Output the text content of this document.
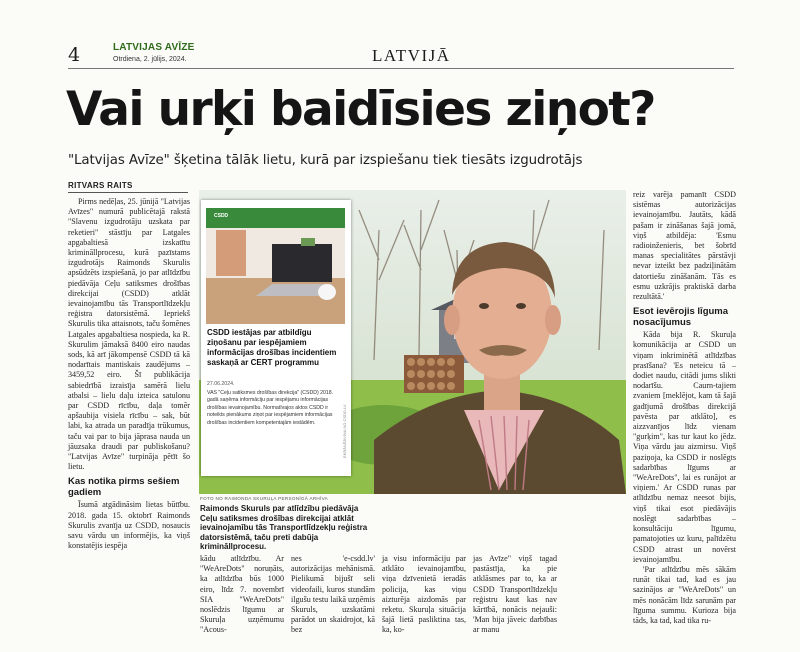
4	LATVIJAS AVĪZE
Otrdiena, 2. jūlijs, 2024.	LATVIJĀ
Vai urķi baidīsies ziņot?
"Latvijas Avīze" šķetina tālāk lietu, kurā par izspiešanu tiek tiesāts izgudrotājs
RITVARS RAITS

Pirms nedēļas, 25. jūnijā "Latvijas Avīzes" numurā publicētajā rakstā "Slavenu izgudrotāju uzskata par reketieri" stāstīju par Latgales apgabaltiesā izskatītu krimināllprocesu, kurā pazīstams izgudrotājs Raimonds Skurulis apsūdzēts izspiešanā, jo par atlīdzību piedāvāja Ceļu satiksmes drošības direkcijai (CSDD) atklāt ievainojamību tās Transportlīdzekļu reģistra datorsistēmā. Iepriekš Skurulis tika attaisnots, taču šomēnes Latgales apgabaltiesa nospieda, ka R. Skurulim jāmaksā 8400 eiro naudas sods, kā arī jākompensē CSDD tā kā nodarītais mantiskais zaudējums – 3459,52 eiro. Šī publikācija sabiedrībā izraisīja samērā lielu atbalsi – lielu daļu izteica satulonu par CSDD rīcību, daļa tomēr apšaubija visiela rīcību – sak, būt labi, ka atrada un paradīja trūkumus, taču vai par to bija jāprasa nauda un jāuzsaka draudi par publiskošanu? "Latvijas Avīze" turpināja pētīt šo lietu.

Kas notika pirms sešiem gadiem

Īsumā atgādināsim lietas būtību. 2018. gada 15. oktobrī Raimonds Skurulis zvanīja uz CSDD, nosaucis savu vārdu un informējis, ka viņš konstatējis iespēja

CSDD
CSDD iestājas par atbildīgu ziņošanu par iespējamiem informācijas drošības incidentiem saskaņā ar CERT programmu
27.06.2024.
VAS "Ceļu satiksmes drošības direkcija" (CSDD) 2018. gadā saņēma informāciju par iespējamu informācijas drošības ievainojamību. Normatīvajos aktos CSDD ir noteikts pienākums ziņot par iespējamiem informācijas drošības incidentiem kompetentajām iestādēm.	EKRĀNŠĀVIŅA NO CSDD.LV
FOTO NO RAIMONDA SKURUĻA PERSONĪGĀ ARHĪVA
Raimonds Skuruls par atlīdzību piedāvāja Ceļu satiksmes drošības direkcijai atklāt ievainojamību tās Transportlīdzekļu reģistra datorsistēmā, taču preti dabūja krimināllprocesu.

kādu atlīdzību. Ar "WeAreDots" noruņāts, ka atlīdzība būs 1000 eiro, līdz 7. novembrī SIA "WeAreDots" noslēdzis līgumu ar Skuruļa uzņēmumu "Acous-

nes 'e-csdd.lv' autorizācijas mehānismā. Pielikumā bijušī seli videofaili, kuros stundām ilgušu testu laikā uzņēmis Skuruls, uzskatāmi parādot un skaidrojot, kā bez

ja visu informāciju par atklāto ievainojamību, viņa dzīvenietā ieradās policija, kas viņu aizturēja aizdomās par reketu. Skuruļa situācija šajā lietā pasliktina tas, ka, ko-

jas Avīze" viņš tagad pastāstīja, ka pie atklāsmes par to, ka ar CSDD Transportlīdzekļu reģistru kaut kas nav kārtībā, nonācis nejauši: 'Man bija jāveic darbības ar manu

reiz varēja pamanīt CSDD sistēmas autorizācijas ievainojamību. Jautāts, kādā pašam ir zināšanas šajā jomā, viņš atbildēja: 'Esmu radioinženieris, bet šobrīd manas specialitātes pārstāvji nevar izteikt bez padziļinātām datortiešu zināšanām. Tās es esmu uzkrājis praktiskā darba rezultātā.'

Esot ievērojis līguma nosacījumus

Kāda bija R. Skuruļa komunikācija ar CSDD un viņam inkriminētā atlīdzības prasīšana? 'Es neteicu tā – dodiet naudu, citādi jums slikti nodarīšu. Caurn-tajiem zvaniem [meklējot, kam tā šajā gadījumā drošības direkcijā pavēsta par atklāto], es aizzvanījos līdz vienam "gurķim", kas tur kaut ko jēdz. Viņa vārdu jau aizmirsu. Viņš paziņoja, ka CSDD ir noslēgts sadarbības līgums ar "WeAreDots", lai es runājot ar viņiem.' Ar CSDD runas par atlīdzību nemaz neesot bijis, viņš tikai esot piedāvājis noslēgt sadarbības – konsultāciju līgumu, pamatojoties uz kuru, palīdzētu CSDD atrast un novērst ievainojamību.

'Par atlīdzību mēs sākām runāt tikai tad, kad es jau sazinājos ar "WeAreDots" un mēs nonācām līdz sarunām par līguma summu. Kurioza bija tāds, ka tad, kad tika ru-
